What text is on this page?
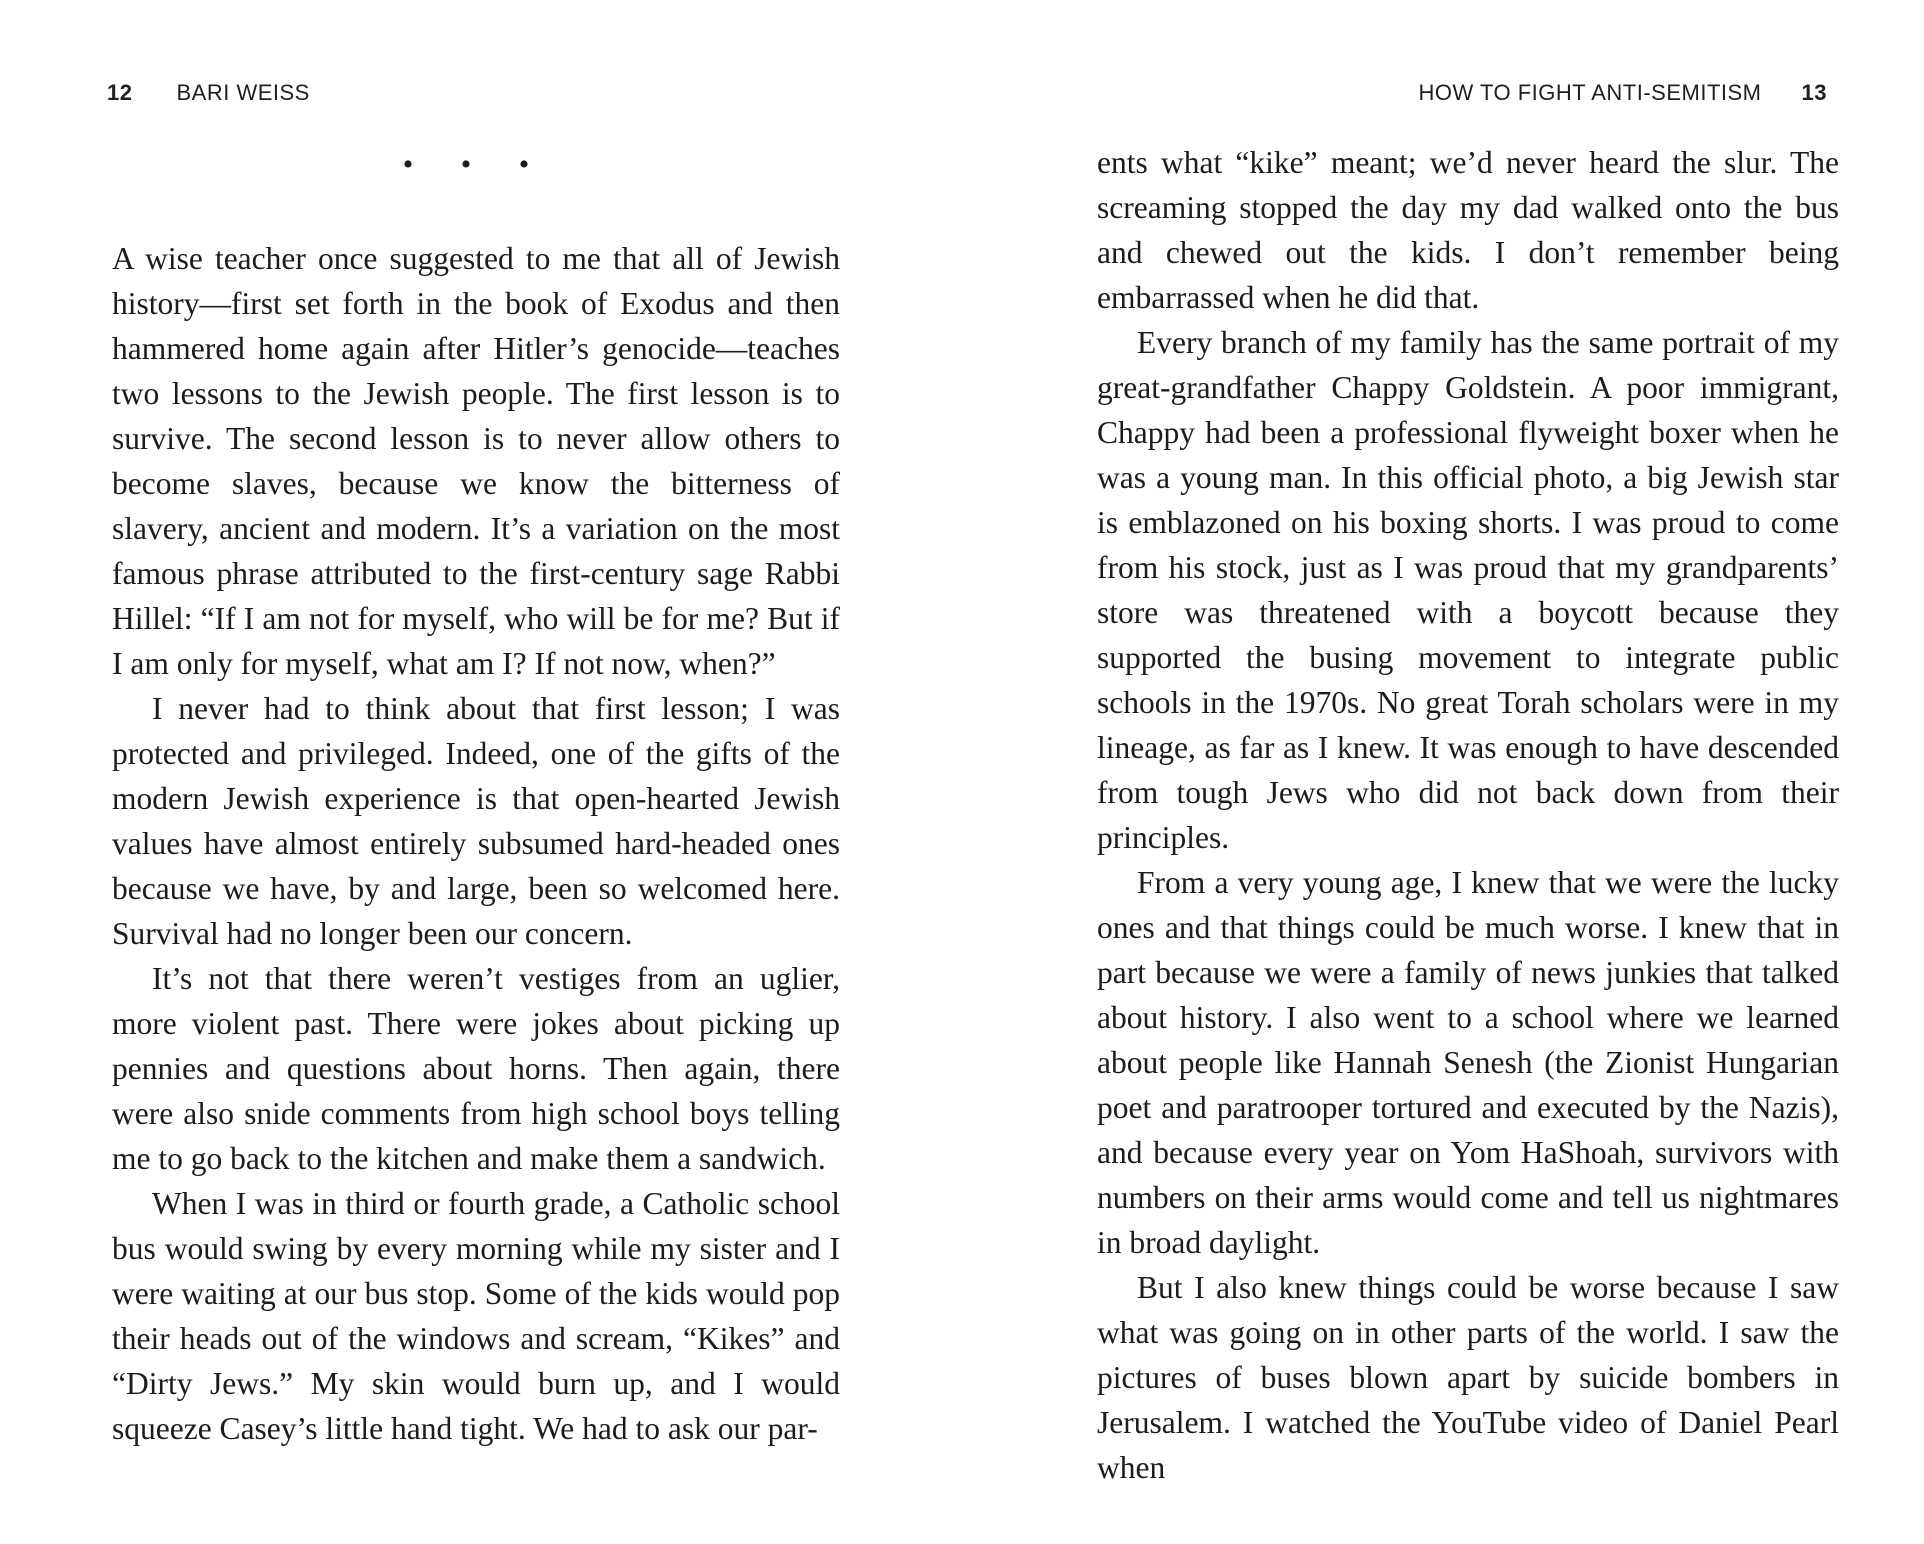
12 BARI WEISS
• • •

A wise teacher once suggested to me that all of Jewish history—first set forth in the book of Exodus and then hammered home again after Hitler’s genocide—teaches two lessons to the Jewish people. The first lesson is to survive. The second lesson is to never allow others to become slaves, because we know the bitterness of slavery, ancient and modern. It’s a variation on the most famous phrase attributed to the first-century sage Rabbi Hillel: “If I am not for myself, who will be for me? But if I am only for myself, what am I? If not now, when?”

I never had to think about that first lesson; I was protected and privileged. Indeed, one of the gifts of the modern Jewish experience is that open-hearted Jewish values have almost entirely subsumed hard-headed ones because we have, by and large, been so welcomed here. Survival had no longer been our concern.

It’s not that there weren’t vestiges from an uglier, more violent past. There were jokes about picking up pennies and questions about horns. Then again, there were also snide comments from high school boys telling me to go back to the kitchen and make them a sandwich.

When I was in third or fourth grade, a Catholic school bus would swing by every morning while my sister and I were waiting at our bus stop. Some of the kids would pop their heads out of the windows and scream, “Kikes” and “Dirty Jews.” My skin would burn up, and I would squeeze Casey’s little hand tight. We had to ask our par-

HOW TO FIGHT ANTI-SEMITISM 13

ents what “kike” meant; we’d never heard the slur. The screaming stopped the day my dad walked onto the bus and chewed out the kids. I don’t remember being embarrassed when he did that.

Every branch of my family has the same portrait of my great-grandfather Chappy Goldstein. A poor immigrant, Chappy had been a professional flyweight boxer when he was a young man. In this official photo, a big Jewish star is emblazoned on his boxing shorts. I was proud to come from his stock, just as I was proud that my grandparents’ store was threatened with a boycott because they supported the busing movement to integrate public schools in the 1970s. No great Torah scholars were in my lineage, as far as I knew. It was enough to have descended from tough Jews who did not back down from their principles.

From a very young age, I knew that we were the lucky ones and that things could be much worse. I knew that in part because we were a family of news junkies that talked about history. I also went to a school where we learned about people like Hannah Senesh (the Zionist Hungarian poet and paratrooper tortured and executed by the Nazis), and because every year on Yom HaShoah, survivors with numbers on their arms would come and tell us nightmares in broad daylight.

But I also knew things could be worse because I saw what was going on in other parts of the world. I saw the pictures of buses blown apart by suicide bombers in Jerusalem. I watched the YouTube video of Daniel Pearl when
